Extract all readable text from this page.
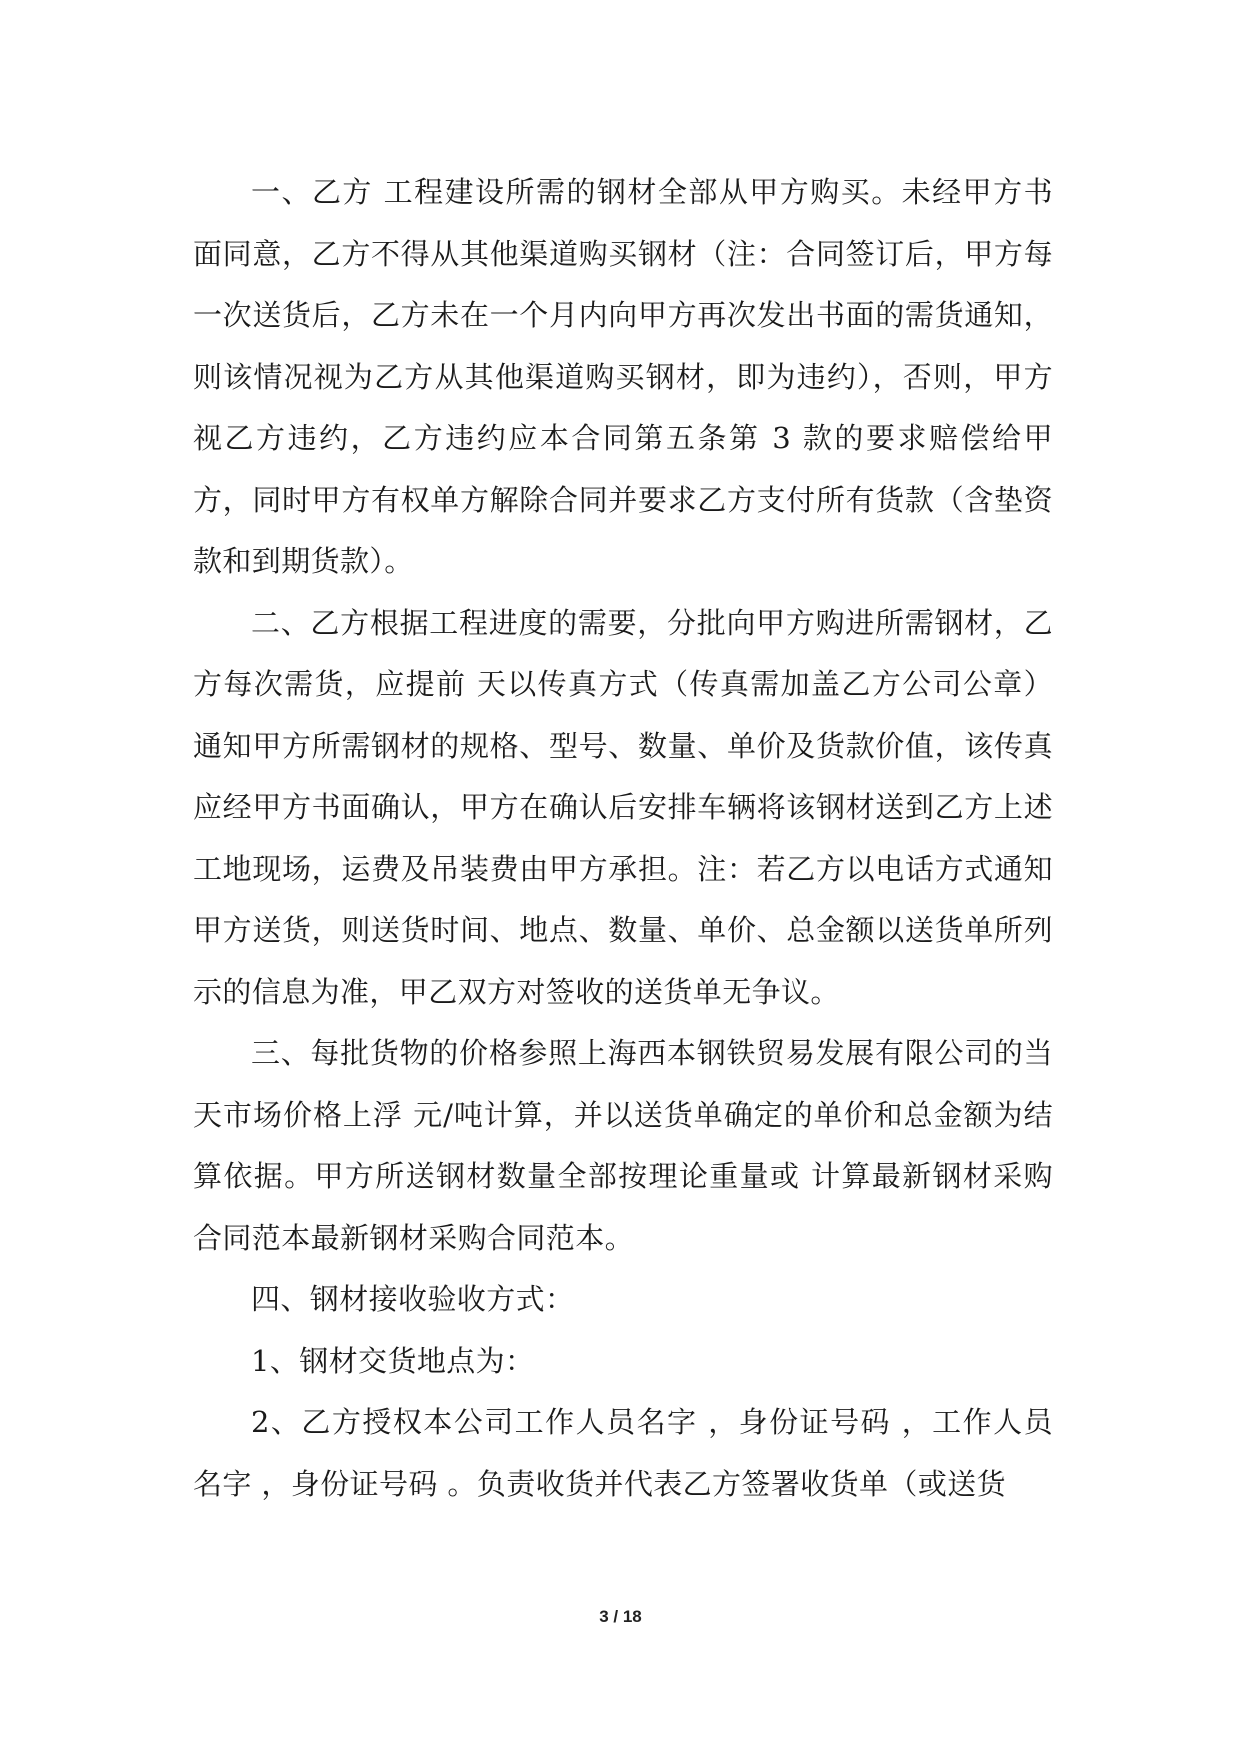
一、乙方 工程建设所需的钢材全部从甲方购买。未经甲方书面同意，乙方不得从其他渠道购买钢材（注：合同签订后，甲方每一次送货后，乙方未在一个月内向甲方再次发出书面的需货通知，则该情况视为乙方从其他渠道购买钢材，即为违约），否则，甲方视乙方违约，乙方违约应本合同第五条第 3 款的要求赔偿给甲方，同时甲方有权单方解除合同并要求乙方支付所有货款（含垫资款和到期货款）。

二、乙方根据工程进度的需要，分批向甲方购进所需钢材，乙方每次需货，应提前 天以传真方式（传真需加盖乙方公司公章）通知甲方所需钢材的规格、型号、数量、单价及货款价值，该传真应经甲方书面确认，甲方在确认后安排车辆将该钢材送到乙方上述工地现场，运费及吊装费由甲方承担。注：若乙方以电话方式通知甲方送货，则送货时间、地点、数量、单价、总金额以送货单所列示的信息为准，甲乙双方对签收的送货单无争议。

三、每批货物的价格参照上海西本钢铁贸易发展有限公司的当天市场价格上浮 元/吨计算，并以送货单确定的单价和总金额为结算依据。甲方所送钢材数量全部按理论重量或 计算最新钢材采购合同范本最新钢材采购合同范本。

四、钢材接收验收方式：

1、钢材交货地点为：

2、乙方授权本公司工作人员名字 ，身份证号码 ，工作人员名字 ，身份证号码 。负责收货并代表乙方签署收货单（或送货

3 / 18
